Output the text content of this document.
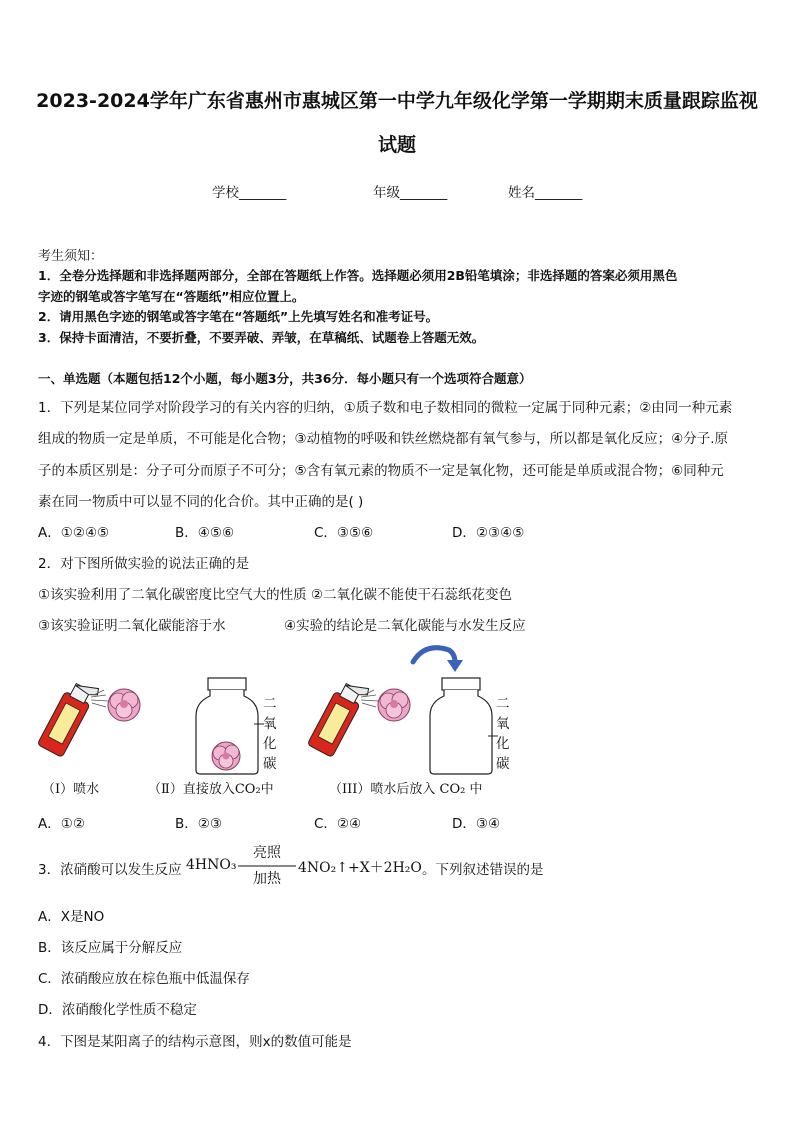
2023-2024学年广东省惠州市惠城区第一中学九年级化学第一学期期末质量跟踪监视
试题
学校_______	年级_______	姓名_______
考生须知：
1．全卷分选择题和非选择题两部分，全部在答题纸上作答。选择题必须用2B铅笔填涂；非选择题的答案必须用黑色
字迹的钢笔或答字笔写在“答题纸”相应位置上。
2．请用黑色字迹的钢笔或答字笔在“答题纸”上先填写姓名和准考证号。
3．保持卡面清洁，不要折叠，不要弄破、弄皱，在草稿纸、试题卷上答题无效。
一、单选题（本题包括12个小题，每小题3分，共36分．每小题只有一个选项符合题意）
1．下列是某位同学对阶段学习的有关内容的归纳，①质子数和电子数相同的微粒一定属于同种元素；②由同一种元素
组成的物质一定是单质，不可能是化合物；③动植物的呼吸和铁丝燃烧都有氧气参与，所以都是氧化反应；④分子.原
子的本质区别是：分子可分而原子不可分；⑤含有氧元素的物质不一定是氧化物，还可能是单质或混合物；⑥同种元
素在同一物质中可以显不同的化合价。其中正确的是( )
A．①②④⑤	B．④⑤⑥	C．③⑤⑥	D．②③④⑤
2．对下图所做实验的说法正确的是
①该实验利用了二氧化碳密度比空气大的性质 ②二氧化碳不能使干石蕊纸花变色
③该实验证明二氧化碳能溶于水	④实验的结论是二氧化碳能与水发生反应
二
氧
化
碳
二
氧
化
碳
（I）喷水	（Ⅱ）直接放入CO₂中	（III）喷水后放入 CO₂ 中
A．①②	B．②③	C．②④	D．③④
3．浓硝酸可以发生反应 4HNO₃
亮照
加热
4NO₂↑+X＋2H₂O 。下列叙述错误的是
A．X是NO
B．该反应属于分解反应
C．浓硝酸应放在棕色瓶中低温保存
D．浓硝酸化学性质不稳定
4．下图是某阳离子的结构示意图，则x的数值可能是
